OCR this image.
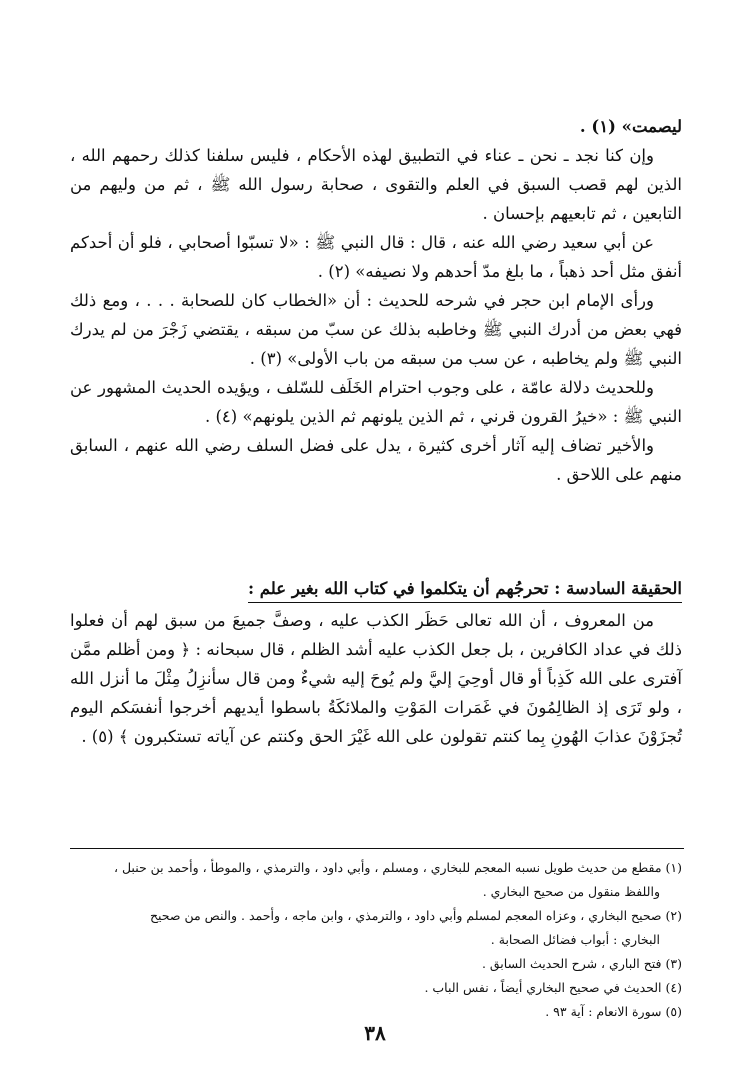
ليصمت» (١) .

وإن كنا نجد ـ نحن ـ عناء في التطبيق لهذه الأحكام ، فليس سلفنا كذلك رحمهم الله ، الذين لهم قصب السبق في العلم والتقوى ، صحابة رسول الله ﷺ ، ثم من وليهم من التابعين ، ثم تابعيهم بإحسان .

عن أبي سعيد رضي الله عنه ، قال : قال النبي ﷺ : «لا تسبّوا أصحابي ، فلو أن أحدكم أنفق مثل أحد ذهباً ، ما بلغ مدّ أحدهم ولا نصيفه» (٢) .

ورأى الإمام ابن حجر في شرحه للحديث : أن «الخطاب كان للصحابة . . . ، ومع ذلك فهي بعض من أدرك النبي ﷺ وخاطبه بذلك عن سبّ من سبقه ، يقتضي زَجْرَ من لم يدرك النبي ﷺ ولم يخاطبه ، عن سب من سبقه من باب الأولى» (٣) .

وللحديث دلالة عامّة ، على وجوب احترام الخَلَف للسّلف ، ويؤيده الحديث المشهور عن النبي ﷺ : «خيرُ القرون قرني ، ثم الذين يلونهم ثم الذين يلونهم» (٤) .

والأخير تضاف إليه آثار أخرى كثيرة ، يدل على فضل السلف رضي الله عنهم ، السابق منهم على اللاحق .

الحقيقة السادسة : تحرجُهم أن يتكلموا في كتاب الله بغير علم :

من المعروف ، أن الله تعالى حَظَر الكذب عليه ، وصفَّ جميعَ من سبق لهم أن فعلوا ذلك في عداد الكافرين ، بل جعل الكذب عليه أشد الظلم ، قال سبحانه : ﴿ ومن أظلم ممَّن آفترى على الله كَذِباً أو قال أوحِيَ إليَّ ولم يُوحَ إليه شيءٌ ومن قال سأنزِلُ مِثْلَ ما أنزل الله ، ولو تَرَى إذ الظالِمُونَ في غَمَرات المَوْتِ والملائكَةُ باسطوا أيديهم أخرجوا أنفسَكم اليوم تُجزَوْنَ عذابَ الهُونِ بِما كنتم تقولون على الله غَيْرَ الحق وكنتم عن آياته تستكبرون ﴾ (٥) .

(١) مقطع من حديث طويل نسبه المعجم للبخاري ، ومسلم ، وأبي داود ، والترمذي ، والموطأ ، وأحمد بن حنبل ،
واللفظ منقول من صحيح البخاري .

(٢) صحيح البخاري ، وعزاه المعجم لمسلم وأبي داود ، والترمذي ، وابن ماجه ، وأحمد . والنص من صحيح
البخاري : أبواب فضائل الصحابة .

(٣) فتح الباري ، شرح الحديث السابق .

(٤) الحديث في صحيح البخاري أيضاً ، نفس الباب .

(٥) سورة الانعام : آية ٩٣ .

٣٨
